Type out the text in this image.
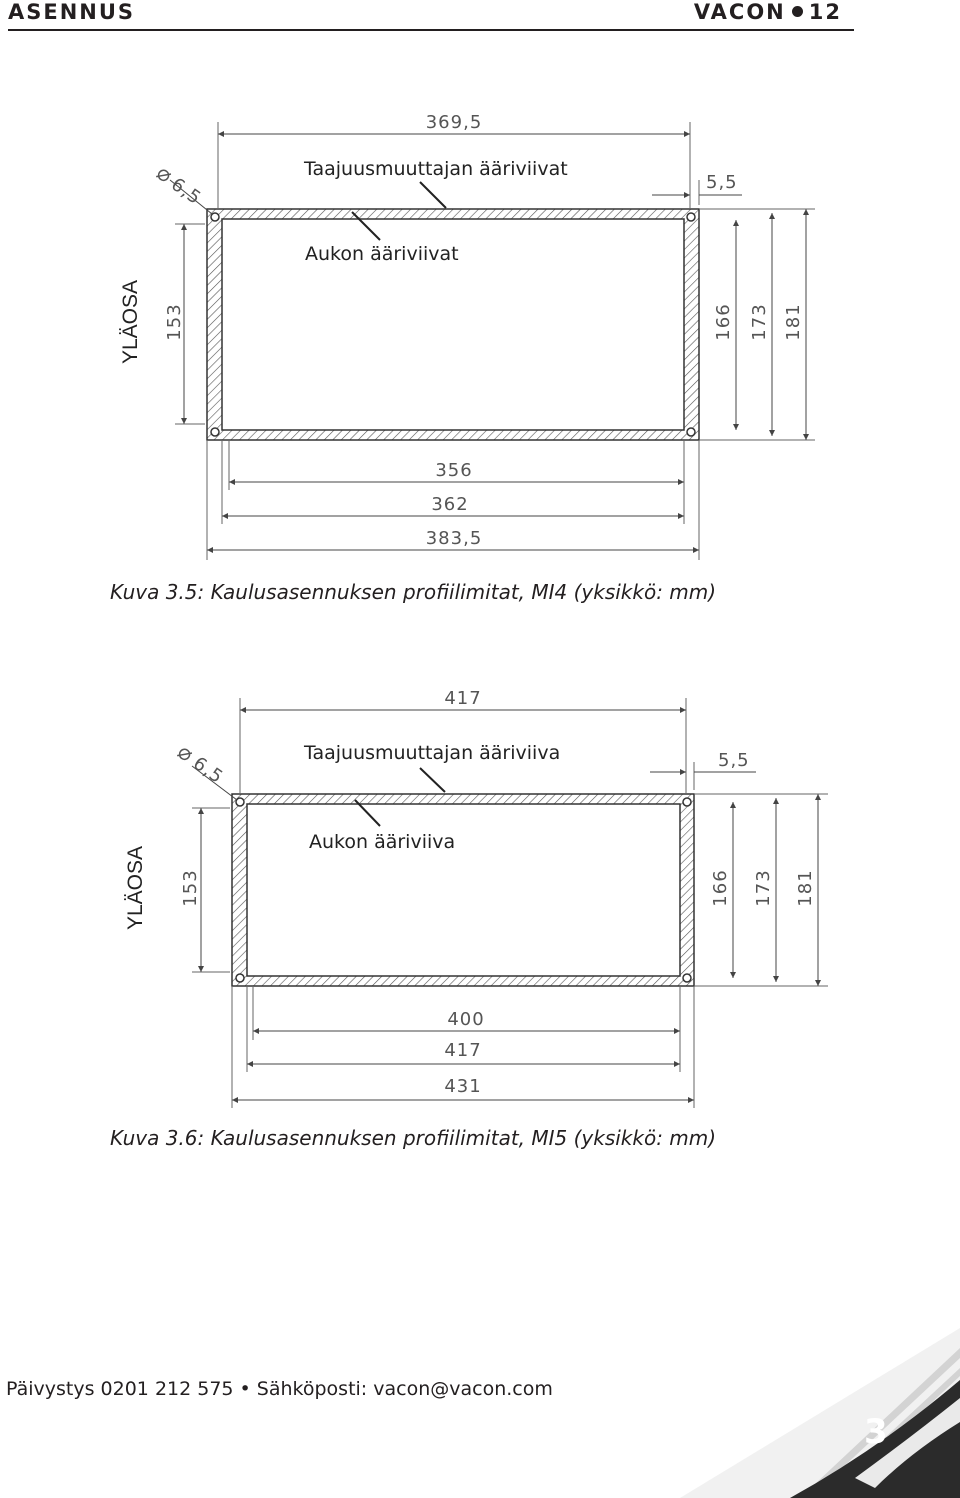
ASENNUS	VACON 12
369,5
⌀
6,5
Taajuusmuuttajan ääriviivat
Aukon ääriviivat
5,5
153
YLÄOSA	166 173 181
356
362
383,5
Kuva 3.5: Kaulusasennuksen profiilimitat, MI4 (yksikkö: mm)
417
⌀
6,5	Taajuusmuuttajan ääriviiva
Aukon ääriviiva
5,5
153
YLÄOSA	166 173 181
400
417
431
Kuva 3.6: Kaulusasennuksen profiilimitat, MI5 (yksikkö: mm)
Päivystys 0201 212 575 • Sähköposti: vacon@vacon.com
3
